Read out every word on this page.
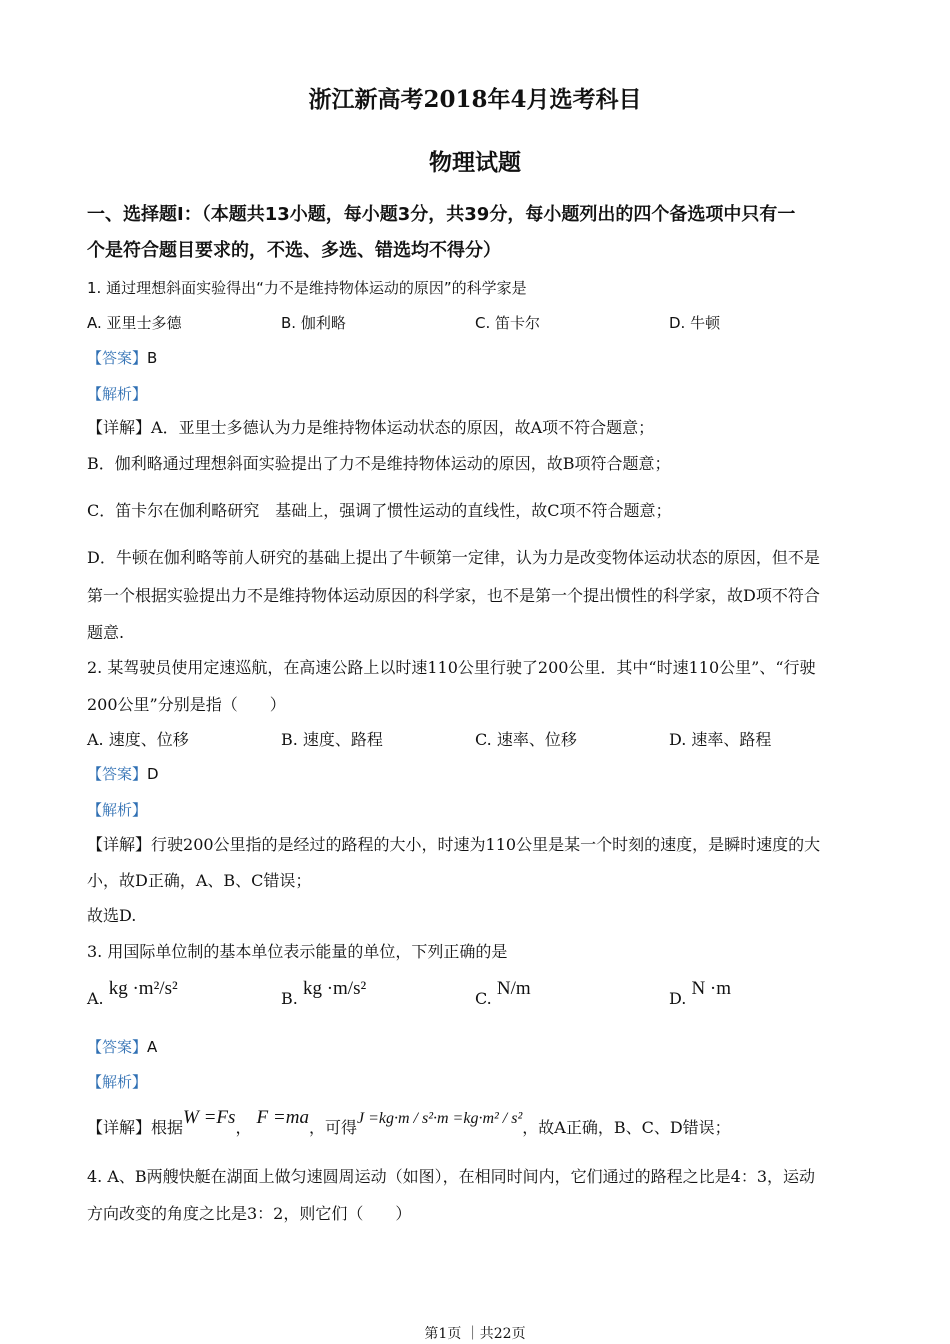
浙江新高考2018年4月选考科目
物理试题
一、选择题Ⅰ：（本题共13小题，每小题3分，共39分，每小题列出的四个备选项中只有一
个是符合题目要求的，不选、多选、错选均不得分）
1. 通过理想斜面实验得出“力不是维持物体运动的原因”的科学家是
A. 亚里士多德	B. 伽利略	C. 笛卡尔	D. 牛顿
【答案】B
【解析】
【详解】A．亚里士多德认为力是维持物体运动状态的原因，故A项不符合题意；
B．伽利略通过理想斜面实验提出了力不是维持物体运动的原因，故B项符合题意；
C．笛卡尔在伽利略研究　基础上，强调了惯性运动的直线性，故C项不符合题意；
D．牛顿在伽利略等前人研究的基础上提出了牛顿第一定律，认为力是改变物体运动状态的原因，但不是
第一个根据实验提出力不是维持物体运动原因的科学家，也不是第一个提出惯性的科学家，故D项不符合
题意.
2. 某驾驶员使用定速巡航，在高速公路上以时速110公里行驶了200公里．其中“时速110公里”、“行驶
200公里”分别是指（　　）
A. 速度、位移	B. 速度、路程	C. 速率、位移	D. 速率、路程
【答案】D
【解析】
【详解】行驶200公里指的是经过的路程的大小，时速为110公里是某一个时刻的速度，是瞬时速度的大
小，故D正确，A、B、C错误；
故选D.
3. 用国际单位制的基本单位表示能量的单位，下列正确的是
A. kg ·m²/s²	B. kg ·m/s²	C. N/m	D. N ·m
【答案】A
【解析】
【详解】根据W =Fs， F =ma，可得J =kg·m / s²·m =kg·m² / s²，故A正确，B、C、D错误；
4. A、B两艘快艇在湖面上做匀速圆周运动（如图），在相同时间内，它们通过的路程之比是4：3，运动
方向改变的角度之比是3：2，则它们（　　）
第1页 ｜共22页
